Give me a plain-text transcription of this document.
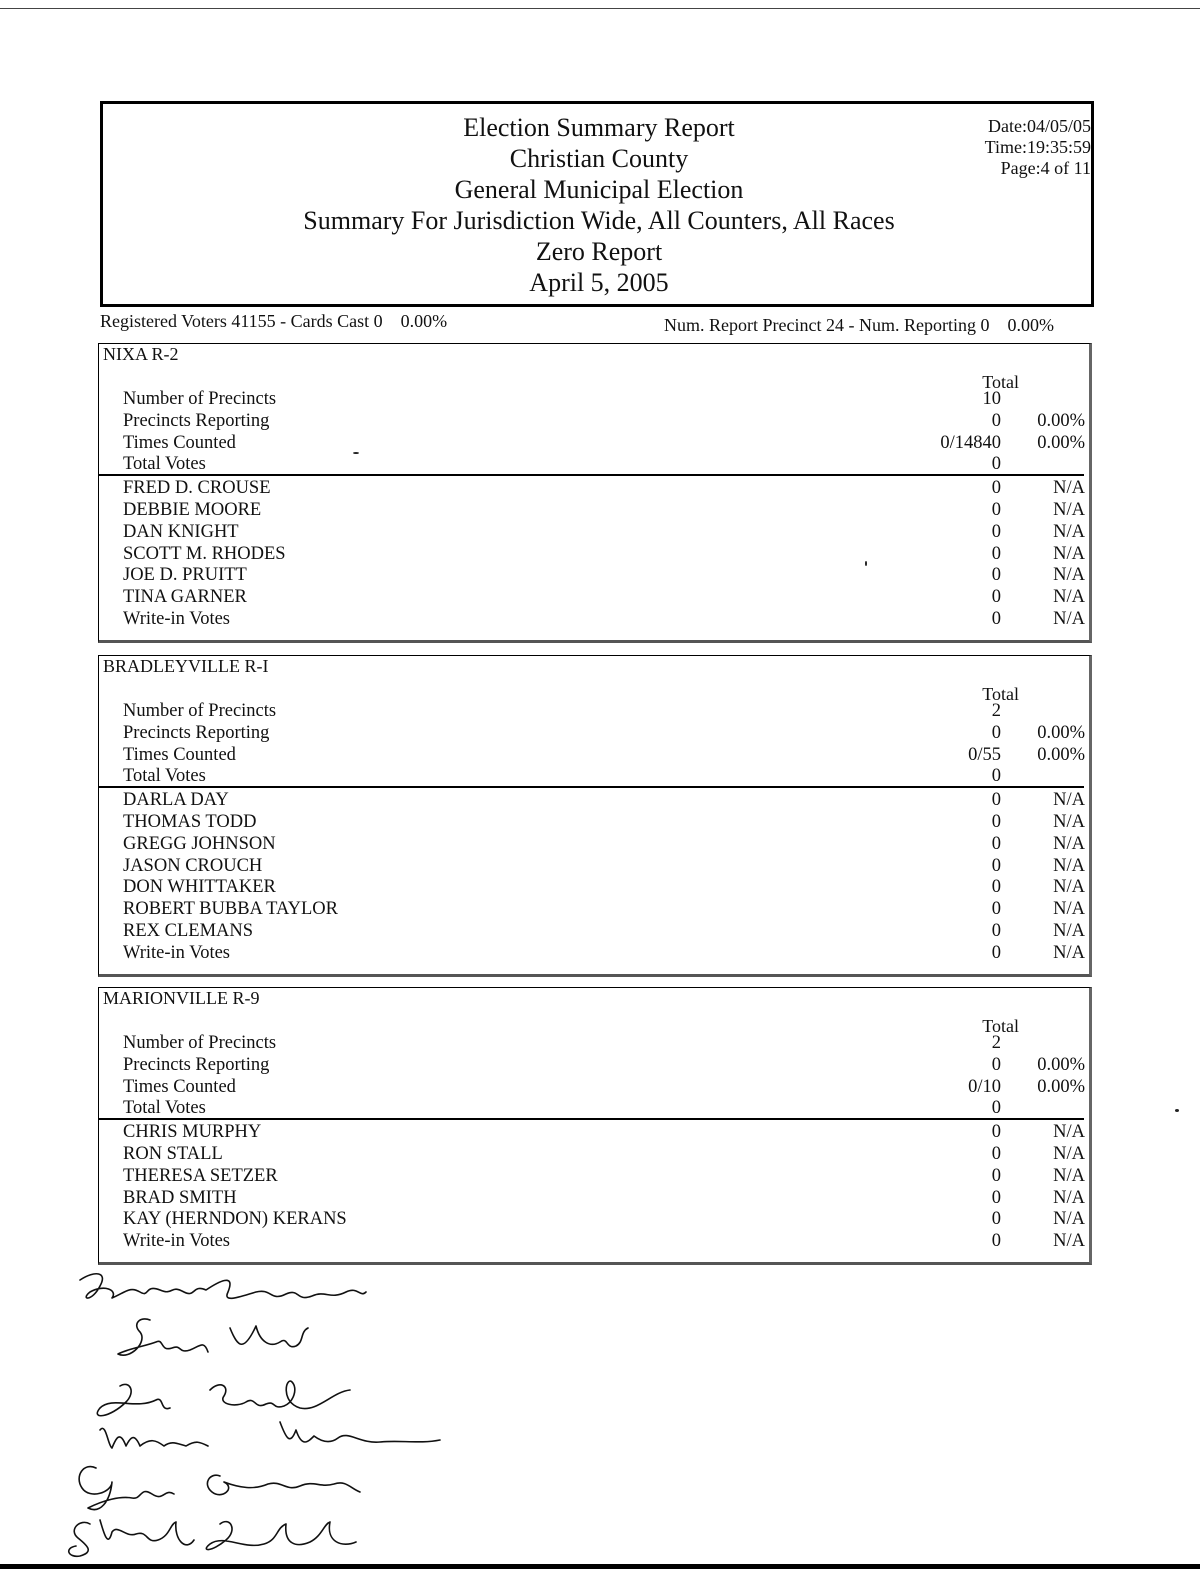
Election Summary Report
Christian County
General Municipal Election
Summary For Jurisdiction Wide, All Counters, All Races
Zero Report
April 5, 2005
Date:04/05/05
Time:19:35:59
Page:4 of 11
Registered Voters 41155 - Cards Cast 0    0.00%	Num. Report Precinct 24 - Num. Reporting 0    0.00%
NIXA R-2
Total
Number of Precincts	10
Precincts Reporting	0	0.00%
Times Counted	0/14840	0.00%
Total Votes	0
FRED D. CROUSE	0	N/A
DEBBIE MOORE	0	N/A
DAN KNIGHT	0	N/A
SCOTT M. RHODES	0	N/A
JOE D. PRUITT	0	N/A
TINA GARNER	0	N/A
Write-in Votes	0	N/A
BRADLEYVILLE R-I
Total
Number of Precincts	2
Precincts Reporting	0	0.00%
Times Counted	0/55	0.00%
Total Votes	0
DARLA DAY	0	N/A
THOMAS TODD	0	N/A
GREGG JOHNSON	0	N/A
JASON CROUCH	0	N/A
DON WHITTAKER	0	N/A
ROBERT BUBBA TAYLOR	0	N/A
REX CLEMANS	0	N/A
Write-in Votes	0	N/A
MARIONVILLE R-9
Total
Number of Precincts	2
Precincts Reporting	0	0.00%
Times Counted	0/10	0.00%
Total Votes	0
CHRIS MURPHY	0	N/A
RON STALL	0	N/A
THERESA SETZER	0	N/A
BRAD SMITH	0	N/A
KAY (HERNDON) KERANS	0	N/A
Write-in Votes	0	N/A
